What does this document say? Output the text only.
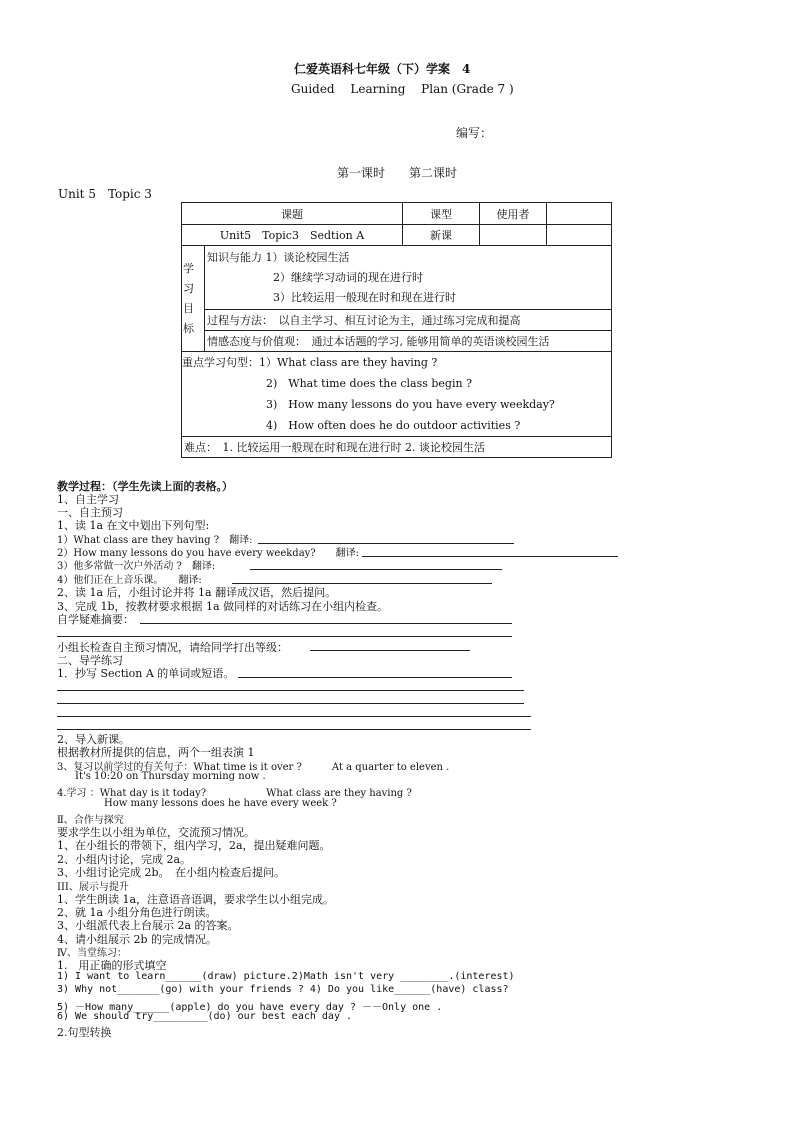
仁爱英语科七年级（下）学案　4
Guided　 Learning　 Plan (Grade 7 )
编写：
第一课时　　第二课时
Unit 5　Topic 3
课题		课型	使用者	
Unit5　Topic3　Sedtion A		新课		
学习目标	知识与能力 1）谈论校园生活
2）继续学习动词的现在进行时
3）比较运用一般现在时和现在进行时			

	过程与方法：　以自主学习、相互讨论为主，通过练习完成和提高			
	情感态度与价值观：　通过本话题的学习, 能够用简单的英语谈校园生活			

重点学习句型：1）What class are they having ?
2)　What time does the class begin ?
3)　How many lessons do you have every weekday?
4)　How often does he do outdoor activities ?				

难点：　1. 比较运用一般现在时和现在进行时 2. 谈论校园生活				
教学过程：（学生先读上面的表格。）
1、自主学习
一、自主预习
1、读 1a 在文中划出下列句型:
1）What class are they having ?　翻译:
2）How many lessons do you have every weekday?　　翻译:
3）他多常做一次户外活动 ?　翻译:
4）他们正在上音乐课。　　翻译:
2、读 1a 后，小组讨论并将 1a 翻译成汉语，然后提问。
3、完成 1b，按教材要求根据 1a 做同样的对话练习在小组内检查。
自学疑难摘要：
小组长检查自主预习情况，请给同学打出等级：
二、导学练习
1．抄写 Section A 的单词或短语。
2、导入新课。
根据教材所提供的信息，两个一组表演 1
3、复习以前学过的有关句子：What time is it over ?　　　At a quarter to eleven .
It's 10:20 on Thursday morning now .
4.学习 ：What day is it today?　　　　　　What class are they having ?
How many lessons does he have every week ?
Ⅱ、合作与探究
要求学生以小组为单位，交流预习情况。
1、在小组长的带领下，组内学习，2a，提出疑难问题。
2、小组内讨论，完成 2a。
3、小组讨论完成 2b。　在小组内检查后提问。
III、展示与提升
1、学生朗读 1a，注意语音语调，要求学生以小组完成。
2、就 1a 小组分角色进行朗读。
3、小组派代表上台展示 2a 的答案。
4、请小组展示 2b 的完成情况。
Ⅳ、当堂练习：
1.　用正确的形式填空
1) I want to learn______(draw) picture.2)Math isn't very ________.(interest)
3) Why not_______(go) with your friends ? 4) Do you like______(have) class?
5) －How many______(apple) do you have every day ? －－Only one .
6) We should try_________(do) our best each day .
2.句型转换
